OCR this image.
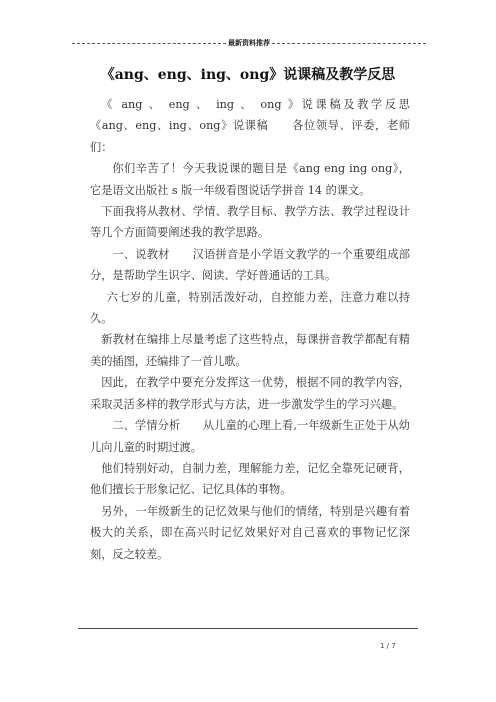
最新资料推荐
《ang、eng、ing、ong》说课稿及教学反思

《 ang 、 eng 、 ing 、 ong 》说课稿及教学反思　　《ang、eng、ing、ong》说课稿　　各位领导、评委，老师们：

你们辛苦了！今天我说课的题目是《ang eng ing ong》，它是语文出版社 s 版一年级看图说话学拼音 14 的课文。

下面我将从教材、学情、教学目标、教学方法、教学过程设计等几个方面简要阐述我的教学思路。

一、说教材　　汉语拼音是小学语文教学的一个重要组成部分，是帮助学生识字、阅读、学好普通话的工具。

六七岁的儿童，特别活泼好动，自控能力差，注意力难以持久。

新教材在编排上尽量考虑了这些特点，每课拼音教学都配有精美的插图，还编排了一首儿歌。

因此，在教学中要充分发挥这一优势，根据不同的教学内容，采取灵活多样的教学形式与方法，进一步激发学生的学习兴趣。

二、学情分析　　从儿童的心理上看,一年级新生正处于从幼儿向儿童的时期过渡。

他们特别好动，自制力差，理解能力差，记忆全靠死记硬背，他们擅长于形象记忆、记忆具体的事物。

另外，一年级新生的记忆效果与他们的情绪，特别是兴趣有着极大的关系，即在高兴时记忆效果好对自己喜欢的事物记忆深刻，反之较差。

1 / 7
